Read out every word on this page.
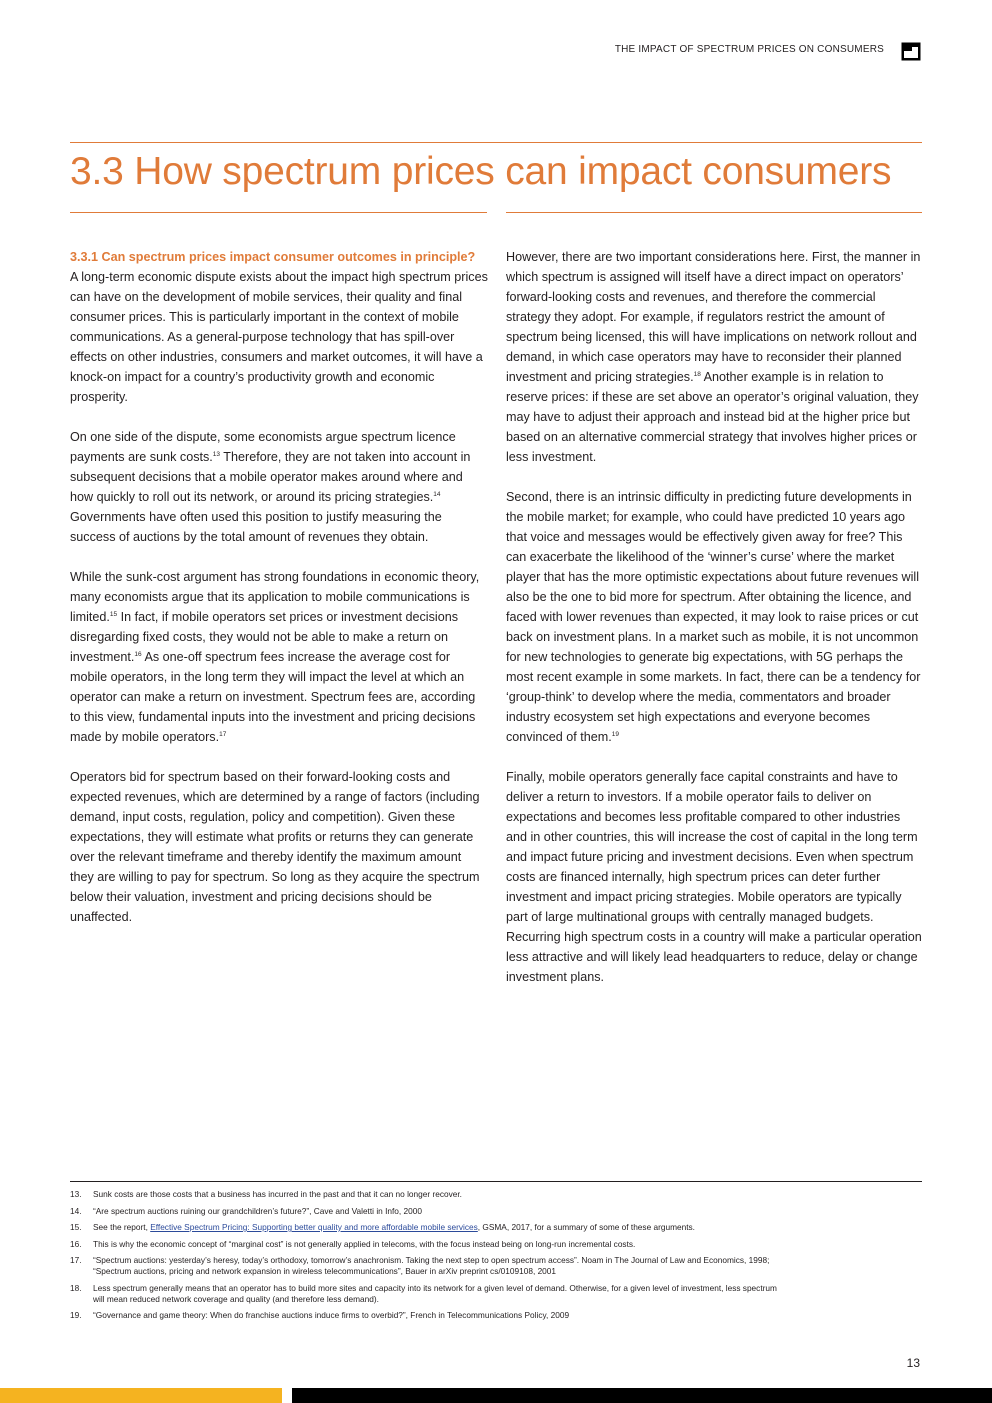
THE IMPACT OF SPECTRUM PRICES ON CONSUMERS
3.3 How spectrum prices can impact consumers
3.3.1 Can spectrum prices impact consumer outcomes in principle?

A long-term economic dispute exists about the impact high spectrum prices can have on the development of mobile services, their quality and final consumer prices. This is particularly important in the context of mobile communications. As a general-purpose technology that has spill-over effects on other industries, consumers and market outcomes, it will have a knock-on impact for a country’s productivity growth and economic prosperity.

On one side of the dispute, some economists argue spectrum licence payments are sunk costs.$^{13}$ Therefore, they are not taken into account in subsequent decisions that a mobile operator makes around where and how quickly to roll out its network, or around its pricing strategies.$^{14}$ Governments have often used this position to justify measuring the success of auctions by the total amount of revenues they obtain.

While the sunk-cost argument has strong foundations in economic theory, many economists argue that its application to mobile communications is limited.$^{15}$ In fact, if mobile operators set prices or investment decisions disregarding fixed costs, they would not be able to make a return on investment.$^{16}$ As one-off spectrum fees increase the average cost for mobile operators, in the long term they will impact the level at which an operator can make a return on investment. Spectrum fees are, according to this view, fundamental inputs into the investment and pricing decisions made by mobile operators.$^{17}$

Operators bid for spectrum based on their forward-looking costs and expected revenues, which are determined by a range of factors (including demand, input costs, regulation, policy and competition). Given these expectations, they will estimate what profits or returns they can generate over the relevant timeframe and thereby identify the maximum amount they are willing to pay for spectrum. So long as they acquire the spectrum below their valuation, investment and pricing decisions should be unaffected.

However, there are two important considerations here. First, the manner in which spectrum is assigned will itself have a direct impact on operators’ forward-looking costs and revenues, and therefore the commercial strategy they adopt. For example, if regulators restrict the amount of spectrum being licensed, this will have implications on network rollout and demand, in which case operators may have to reconsider their planned investment and pricing strategies.$^{18}$ Another example is in relation to reserve prices: if these are set above an operator’s original valuation, they may have to adjust their approach and instead bid at the higher price but based on an alternative commercial strategy that involves higher prices or less investment.

Second, there is an intrinsic difficulty in predicting future developments in the mobile market; for example, who could have predicted 10 years ago that voice and messages would be effectively given away for free? This can exacerbate the likelihood of the ‘winner’s curse’ where the market player that has the more optimistic expectations about future revenues will also be the one to bid more for spectrum. After obtaining the licence, and faced with lower revenues than expected, it may look to raise prices or cut back on investment plans. In a market such as mobile, it is not uncommon for new technologies to generate big expectations, with 5G perhaps the most recent example in some markets. In fact, there can be a tendency for ‘group-think’ to develop where the media, commentators and broader industry ecosystem set high expectations and everyone becomes convinced of them.$^{19}$

Finally, mobile operators generally face capital constraints and have to deliver a return to investors. If a mobile operator fails to deliver on expectations and becomes less profitable compared to other industries and in other countries, this will increase the cost of capital in the long term and impact future pricing and investment decisions. Even when spectrum costs are financed internally, high spectrum prices can deter further investment and impact pricing strategies. Mobile operators are typically part of large multinational groups with centrally managed budgets. Recurring high spectrum costs in a country will make a particular operation less attractive and will likely lead headquarters to reduce, delay or change investment plans.

13.	Sunk costs are those costs that a business has incurred in the past and that it can no longer recover.
14.	“Are spectrum auctions ruining our grandchildren’s future?”, Cave and Valetti in Info, 2000
15.	See the report, Effective Spectrum Pricing: Supporting better quality and more affordable mobile services, GSMA, 2017, for a summary of some of these arguments.
16.	This is why the economic concept of “marginal cost” is not generally applied in telecoms, with the focus instead being on long-run incremental costs.
17.	“Spectrum auctions: yesterday’s heresy, today’s orthodoxy, tomorrow’s anachronism. Taking the next step to open spectrum access”. Noam in The Journal of Law and Economics, 1998;
“Spectrum auctions, pricing and network expansion in wireless telecommunications”, Bauer in arXiv preprint cs/0109108, 2001
18.	Less spectrum generally means that an operator has to build more sites and capacity into its network for a given level of demand. Otherwise, for a given level of investment, less spectrum
will mean reduced network coverage and quality (and therefore less demand).
19.	“Governance and game theory: When do franchise auctions induce firms to overbid?”, French in Telecommunications Policy, 2009
13
